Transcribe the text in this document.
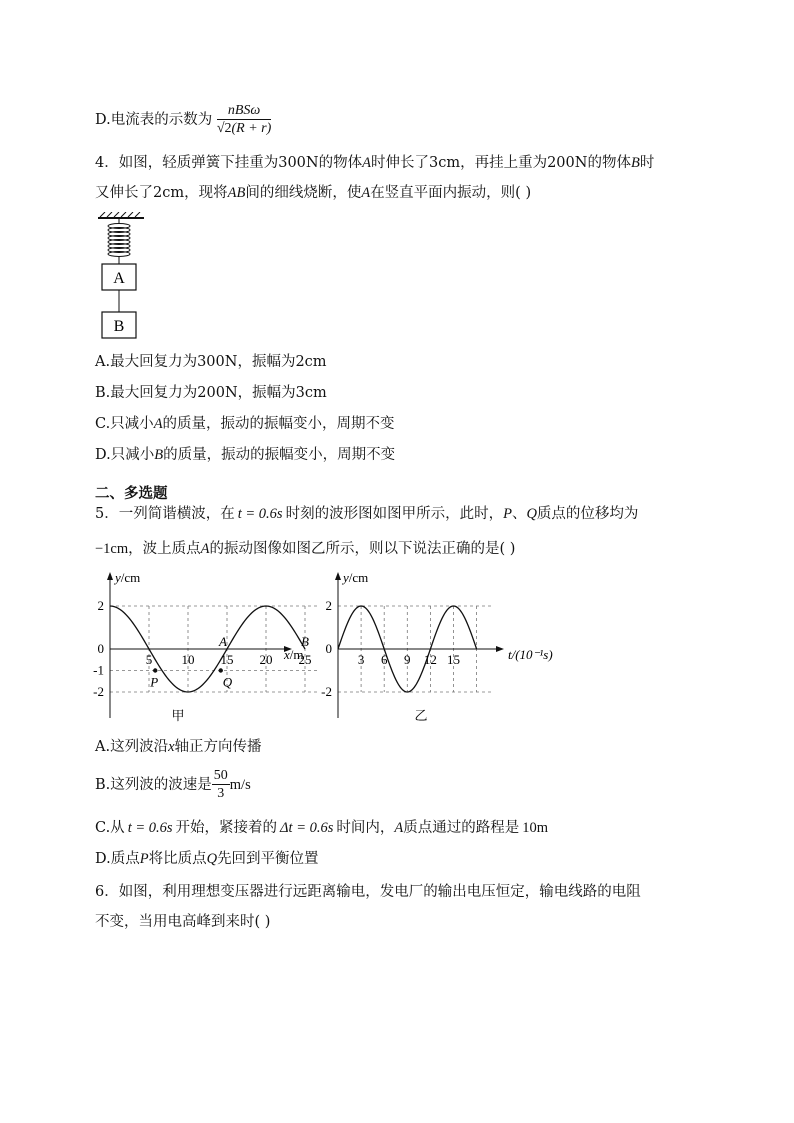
D.电流表的示数为 $\frac{\text{nBSω}}{√2(R + r)}$
4．如图，轻质弹簧下挂重为300N的物体A时伸长了3cm，再挂上重为200N的物体B时
又伸长了2cm，现将AB间的细线烧断，使A在竖直平面内振动，则( )
A
B
A.最大回复力为300N，振幅为2cm
B.最大回复力为200N，振幅为3cm
C.只减小A的质量，振动的振幅变小，周期不变
D.只减小B的质量，振动的振幅变小，周期不变
二、多选题
5．一列简谐横波，在 t = 0.6s 时刻的波形图如图甲所示，此时，P、Q质点的位移均为
−1cm，波上质点A的振动图像如图乙所示，则以下说法正确的是( )
y/cm
x/m
5 10 15 20 25
2
0
-1
-2
P	Q
A	B
甲
y/cm
t/(10⁻¹s)
3 6 9 12 15
2
0
-2
乙
A.这列波沿x轴正方向传播
B.这列波的波速是 $\frac{50}{3} m/s$
C.从 t = 0.6s 开始，紧接着的 Δt = 0.6s 时间内，A质点通过的路程是 10m
D.质点P将比质点Q先回到平衡位置
6．如图，利用理想变压器进行远距离输电，发电厂的输出电压恒定，输电线路的电阻
不变，当用电高峰到来时( )
